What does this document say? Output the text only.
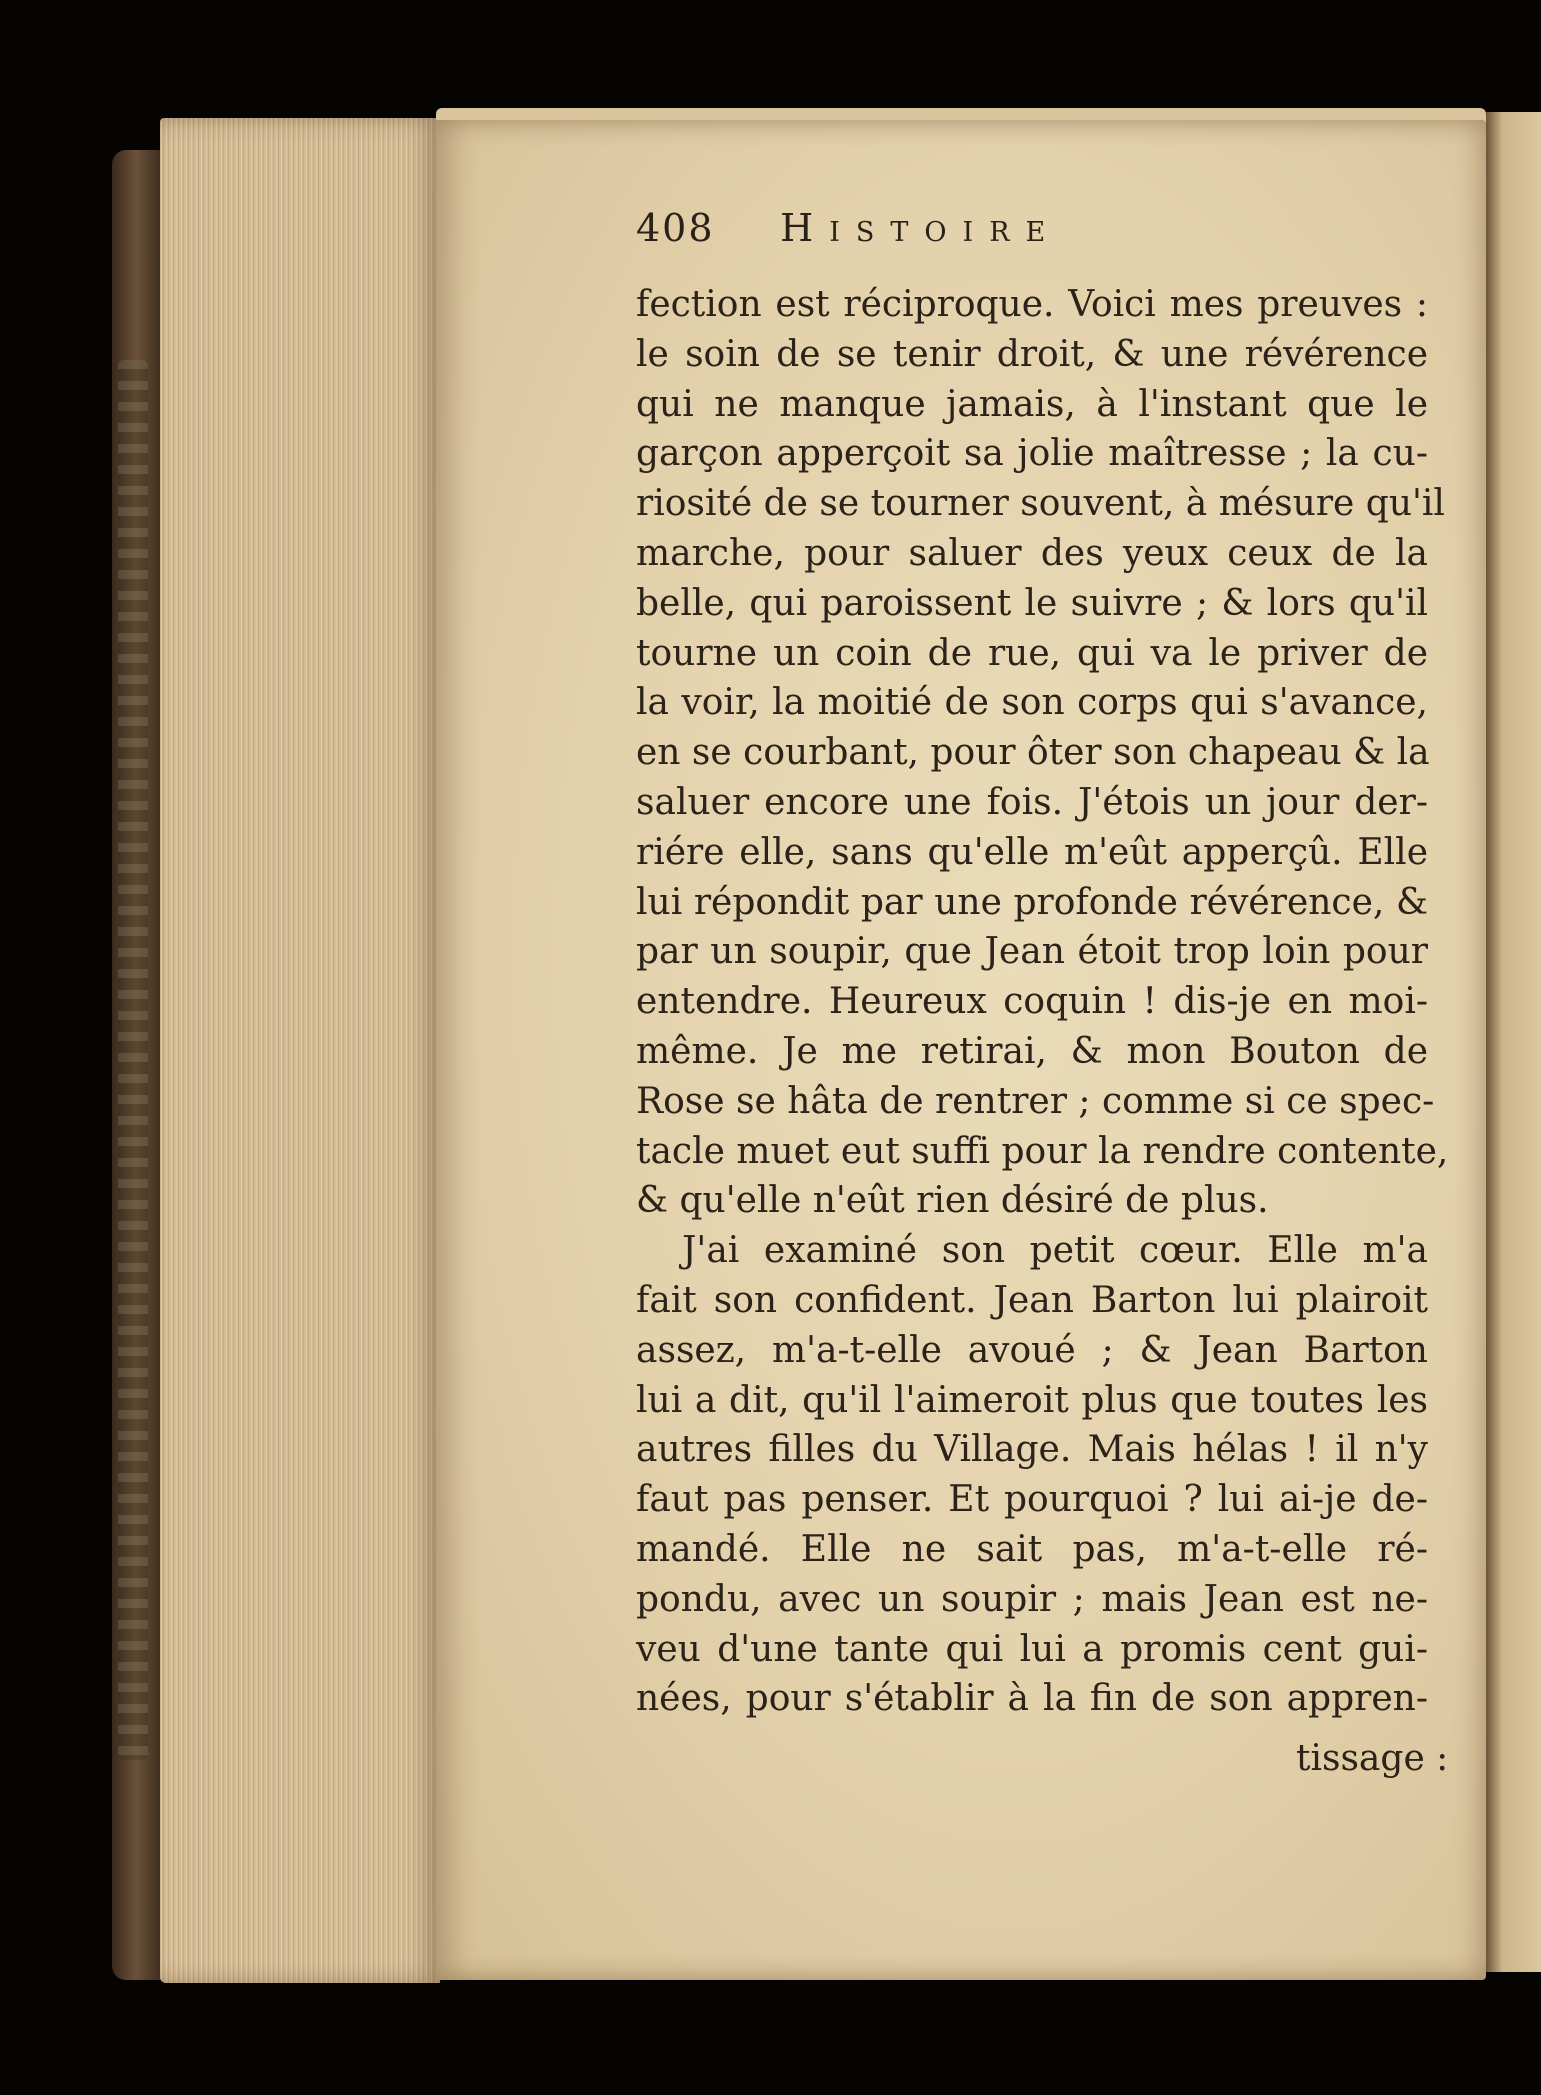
408 Histoire
fection est réciproque. Voici mes preuves :
le soin de se tenir droit, & une révérence
qui ne manque jamais, à l'instant que le
garçon apperçoit sa jolie maîtresse ; la cu-
riosité de se tourner souvent, à mésure qu'il
marche, pour saluer des yeux ceux de la
belle, qui paroissent le suivre ; & lors qu'il
tourne un coin de rue, qui va le priver de
la voir, la moitié de son corps qui s'avance,
en se courbant, pour ôter son chapeau & la
saluer encore une fois. J'étois un jour der-
riére elle, sans qu'elle m'eût apperçû. Elle
lui répondit par une profonde révérence, &
par un soupir, que Jean étoit trop loin pour
entendre. Heureux coquin ! dis-je en moi-
même. Je me retirai, & mon Bouton de
Rose se hâta de rentrer ; comme si ce spec-
tacle muet eut suffi pour la rendre contente,
& qu'elle n'eût rien désiré de plus.
J'ai examiné son petit cœur. Elle m'a
fait son confident. Jean Barton lui plairoit
assez, m'a-t-elle avoué ; & Jean Barton
lui a dit, qu'il l'aimeroit plus que toutes les
autres filles du Village. Mais hélas ! il n'y
faut pas penser. Et pourquoi ? lui ai-je de-
mandé. Elle ne sait pas, m'a-t-elle ré-
pondu, avec un soupir ; mais Jean est ne-
veu d'une tante qui lui a promis cent gui-
nées, pour s'établir à la fin de son appren-
tissage :
